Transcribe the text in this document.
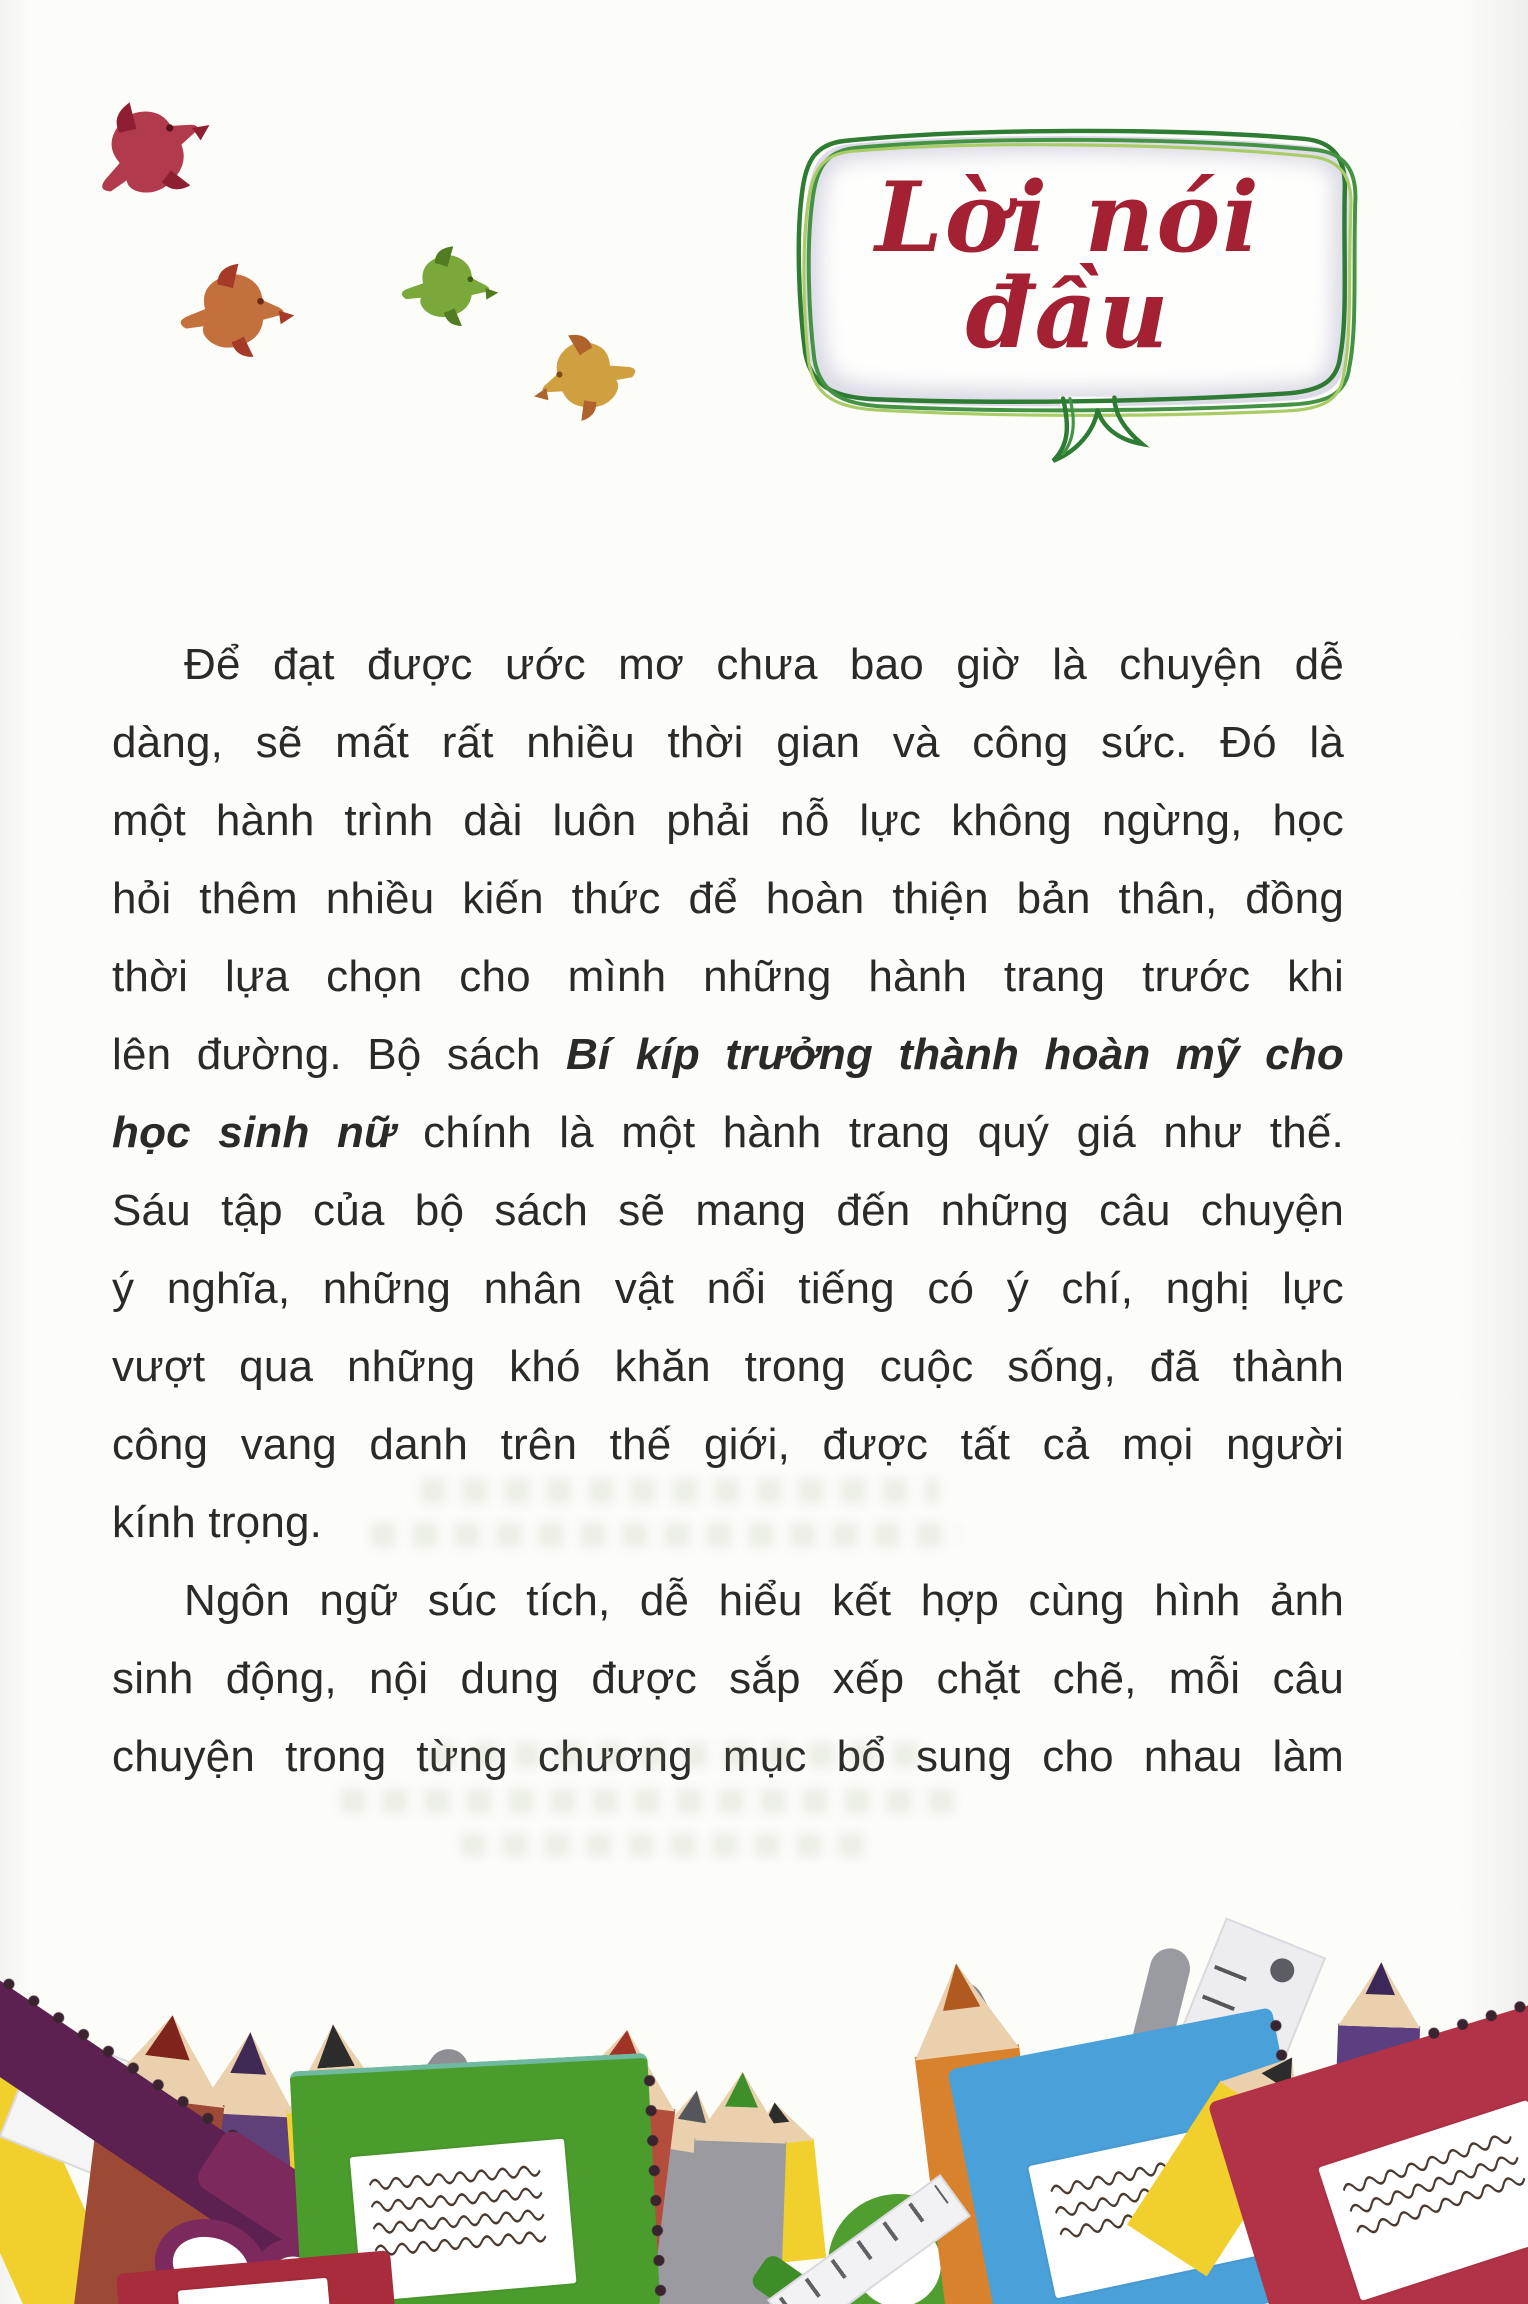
Lời nói đầu
Để đạt được ước mơ chưa bao giờ là chuyện dễ
dàng, sẽ mất rất nhiều thời gian và công sức. Đó là
một hành trình dài luôn phải nỗ lực không ngừng, học
hỏi thêm nhiều kiến thức để hoàn thiện bản thân, đồng
thời lựa chọn cho mình những hành trang trước khi
lên đường. Bộ sách Bí kíp trưởng thành hoàn mỹ cho
học sinh nữ chính là một hành trang quý giá như thế.
Sáu tập của bộ sách sẽ mang đến những câu chuyện
ý nghĩa, những nhân vật nổi tiếng có ý chí, nghị lực
vượt qua những khó khăn trong cuộc sống, đã thành
công vang danh trên thế giới, được tất cả mọi người
kính trọng.
Ngôn ngữ súc tích, dễ hiểu kết hợp cùng hình ảnh
sinh động, nội dung được sắp xếp chặt chẽ, mỗi câu
chuyện trong từng chương mục bổ sung cho nhau làm
